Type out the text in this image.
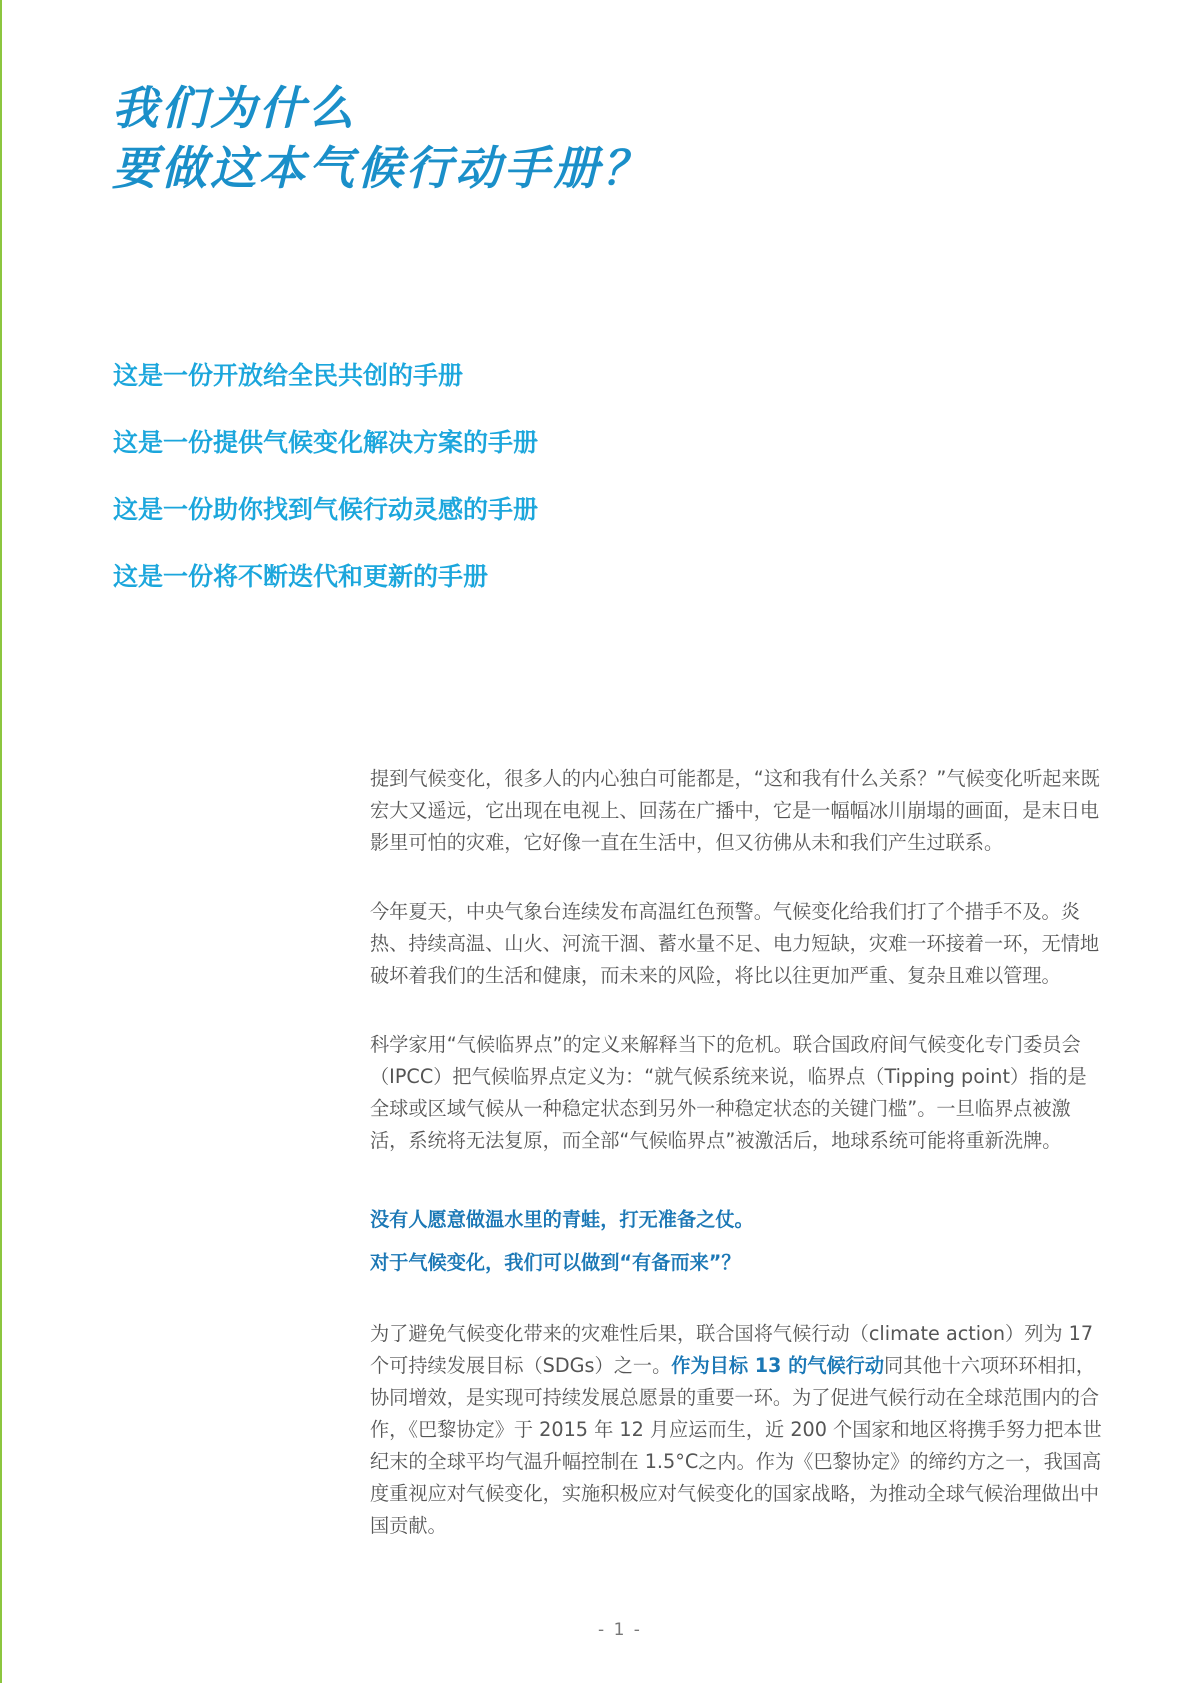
我们为什么
要做这本气候行动手册？
这是一份开放给全民共创的手册
这是一份提供气候变化解决方案的手册
这是一份助你找到气候行动灵感的手册
这是一份将不断迭代和更新的手册

提到气候变化，很多人的内心独白可能都是，“这和我有什么关系？”气候变化听起来既宏大又遥远，它出现在电视上、回荡在广播中，它是一幅幅冰川崩塌的画面，是末日电影里可怕的灾难，它好像一直在生活中，但又彷佛从未和我们产生过联系。

今年夏天，中央气象台连续发布高温红色预警。气候变化给我们打了个措手不及。炎热、持续高温、山火、河流干涸、蓄水量不足、电力短缺，灾难一环接着一环，无情地破坏着我们的生活和健康，而未来的风险，将比以往更加严重、复杂且难以管理。

科学家用“气候临界点”的定义来解释当下的危机。联合国政府间气候变化专门委员会（IPCC）把气候临界点定义为：“就气候系统来说，临界点（Tipping point）指的是全球或区域气候从一种稳定状态到另外一种稳定状态的关键门槛”。一旦临界点被激活，系统将无法复原，而全部“气候临界点”被激活后，地球系统可能将重新洗牌。

没有人愿意做温水里的青蛙，打无准备之仗。

对于气候变化，我们可以做到“有备而来”？

为了避免气候变化带来的灾难性后果，联合国将气候行动（climate action）列为 17 个可持续发展目标（SDGs）之一。作为目标 13 的气候行动同其他十六项环环相扣，协同增效，是实现可持续发展总愿景的重要一环。为了促进气候行动在全球范围内的合作，《巴黎协定》于 2015 年 12 月应运而生，近 200 个国家和地区将携手努力把本世纪末的全球平均气温升幅控制在 1.5°C之内。作为《巴黎协定》的缔约方之一，我国高度重视应对气候变化，实施积极应对气候变化的国家战略，为推动全球气候治理做出中国贡献。

- 1 -
